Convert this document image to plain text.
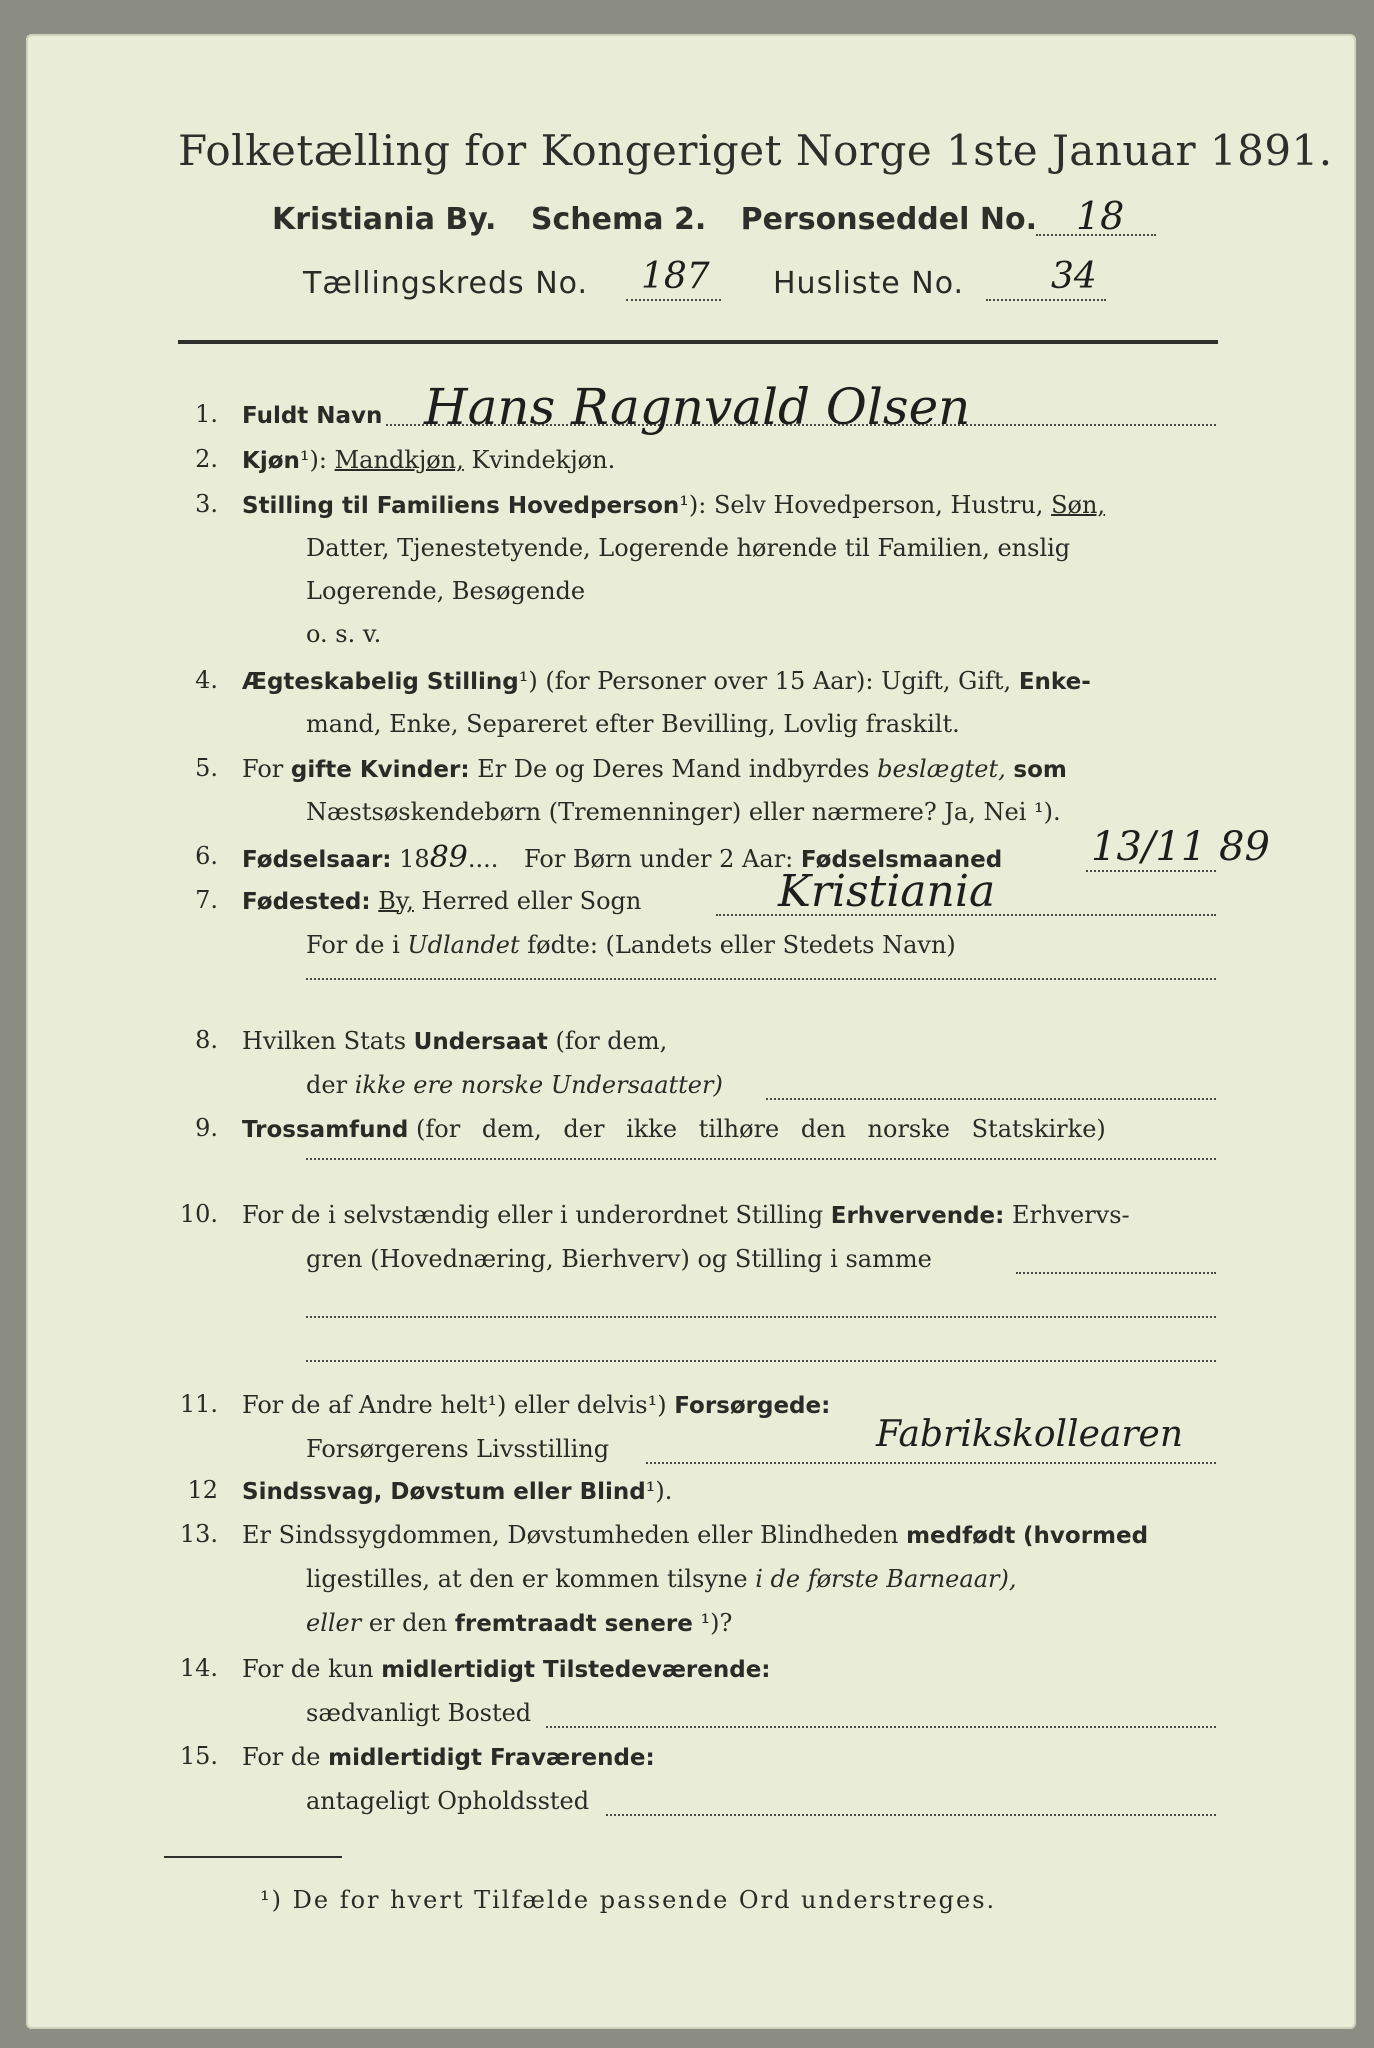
Folketælling for Kongeriget Norge 1ste Januar 1891.
Kristiania By. Schema 2. Personseddel No. 18
Tællingskreds No. 187 Husliste No. 34
1. Fuldt Navn Hans Ragnvald Olsen
2. Kjøn¹): Mandkjøn, Kvindekjøn.
3. Stilling til Familiens Hovedperson¹): Selv Hovedperson, Hustru, Søn,
Datter, Tjenestetyende, Logerende hørende til Familien, enslig
Logerende, Besøgende
o. s. v.
4. Ægteskabelig Stilling¹) (for Personer over 15 Aar): Ugift, Gift, Enke-
mand, Enke, Separeret efter Bevilling, Lovlig fraskilt.
5. For gifte Kvinder: Er De og Deres Mand indbyrdes beslægtet, som
Næstsøskendebørn (Tremenninger) eller nærmere? Ja, Nei ¹).
6. Fødselsaar: 1889.... For Børn under 2 Aar: Fødselsmaaned 13/11 89
7. Fødested: By, Herred eller Sogn	Kristiania
For de i Udlandet fødte: (Landets eller Stedets Navn)
8. Hvilken Stats Undersaat (for dem,
der ikke ere norske Undersaatter)
9. Trossamfund (for dem, der ikke tilhøre den norske Statskirke)
10. For de i selvstændig eller i underordnet Stilling Erhvervende: Erhvervs-
gren (Hovednæring, Bierhverv) og Stilling i samme
11. For de af Andre helt¹) eller delvis¹) Forsørgede:
Forsørgerens Livsstilling	Fabrikskollearen
12 Sindssvag, Døvstum eller Blind¹).
13. Er Sindssygdommen, Døvstumheden eller Blindheden medfødt (hvormed
ligestilles, at den er kommen tilsyne i de første Barneaar),
eller er den fremtraadt senere ¹)?
14. For de kun midlertidigt Tilstedeværende:
sædvanligt Bosted
15. For de midlertidigt Fraværende:
antageligt Opholdssted
¹) De for hvert Tilfælde passende Ord understreges.
